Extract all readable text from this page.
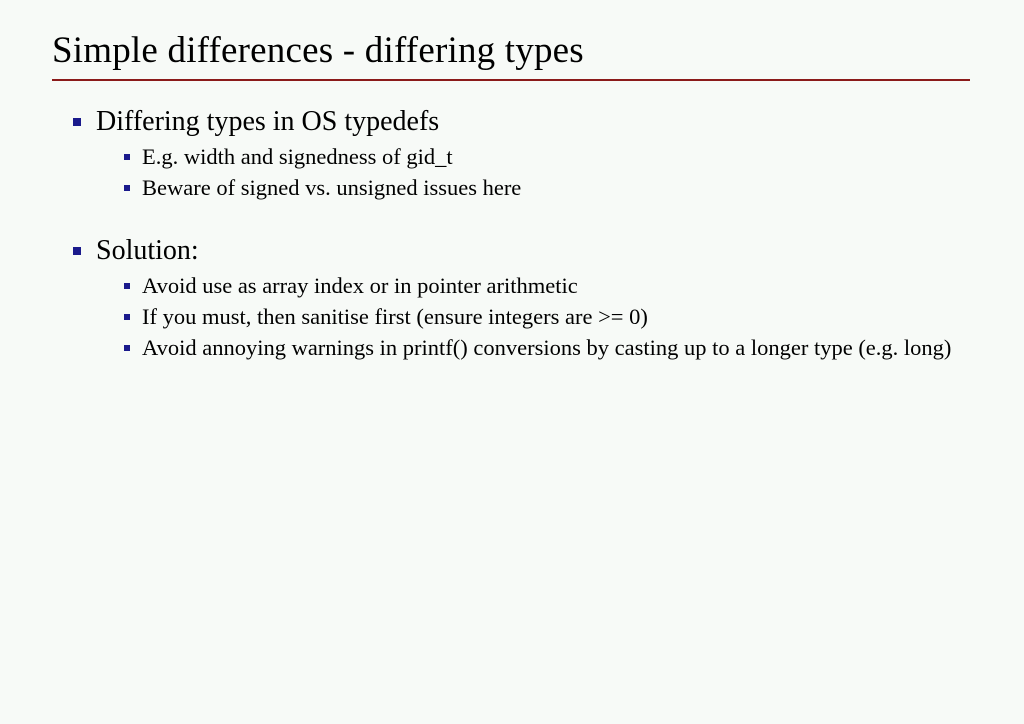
Simple differences - differing types
Differing types in OS typedefs
E.g. width and signedness of gid_t
Beware of signed vs. unsigned issues here
Solution:
Avoid use as array index or in pointer arithmetic
If you must, then sanitise first (ensure integers are >= 0)
Avoid annoying warnings in printf() conversions by casting up to a longer type (e.g. long)
